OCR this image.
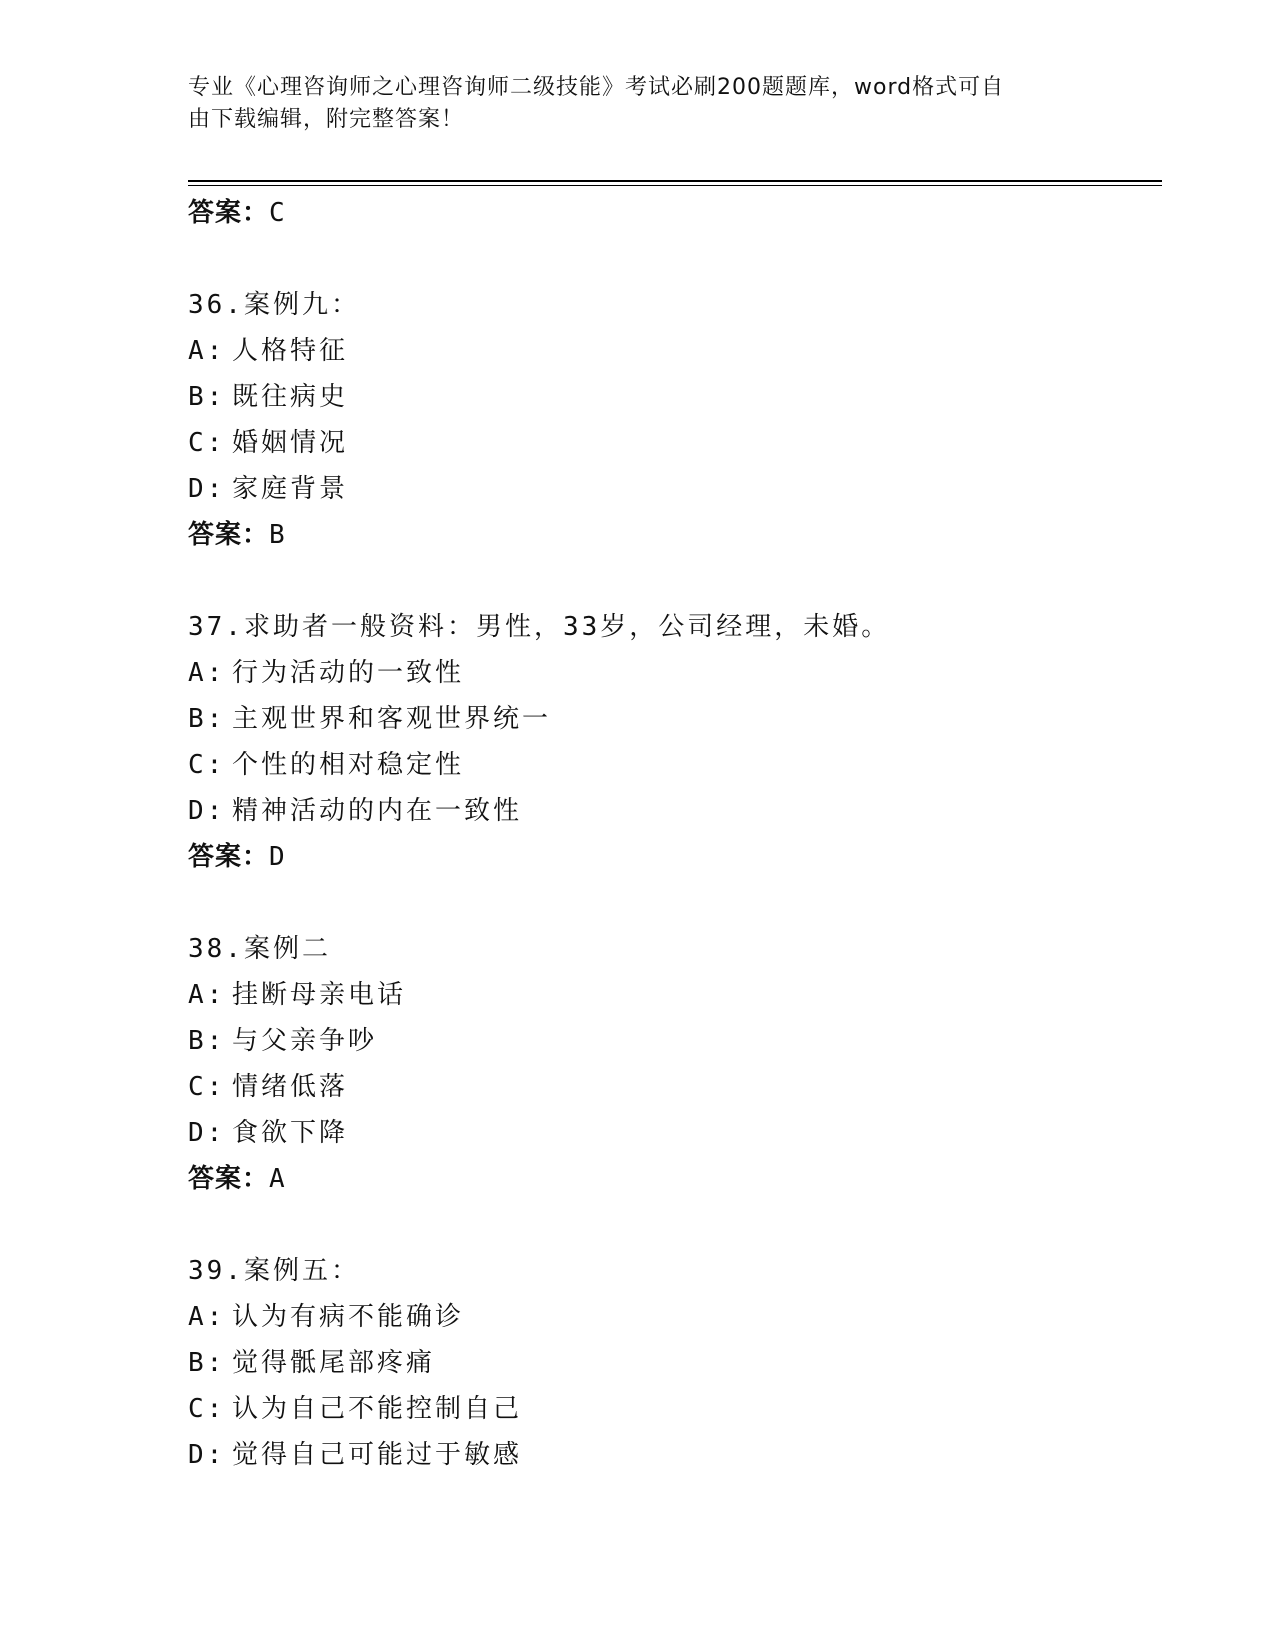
专业《心理咨询师之心理咨询师二级技能》考试必刷200题题库，word格式可自
由下载编辑，附完整答案！
答案：C
36.案例九：
A: 人格特征
B: 既往病史
C: 婚姻情况
D: 家庭背景
答案：B
37.求助者一般资料：男性，33岁，公司经理，未婚。
A: 行为活动的一致性
B: 主观世界和客观世界统一
C: 个性的相对稳定性
D: 精神活动的内在一致性
答案：D
38.案例二
A: 挂断母亲电话
B: 与父亲争吵
C: 情绪低落
D: 食欲下降
答案：A
39.案例五：
A: 认为有病不能确诊
B: 觉得骶尾部疼痛
C: 认为自己不能控制自己
D: 觉得自己可能过于敏感
